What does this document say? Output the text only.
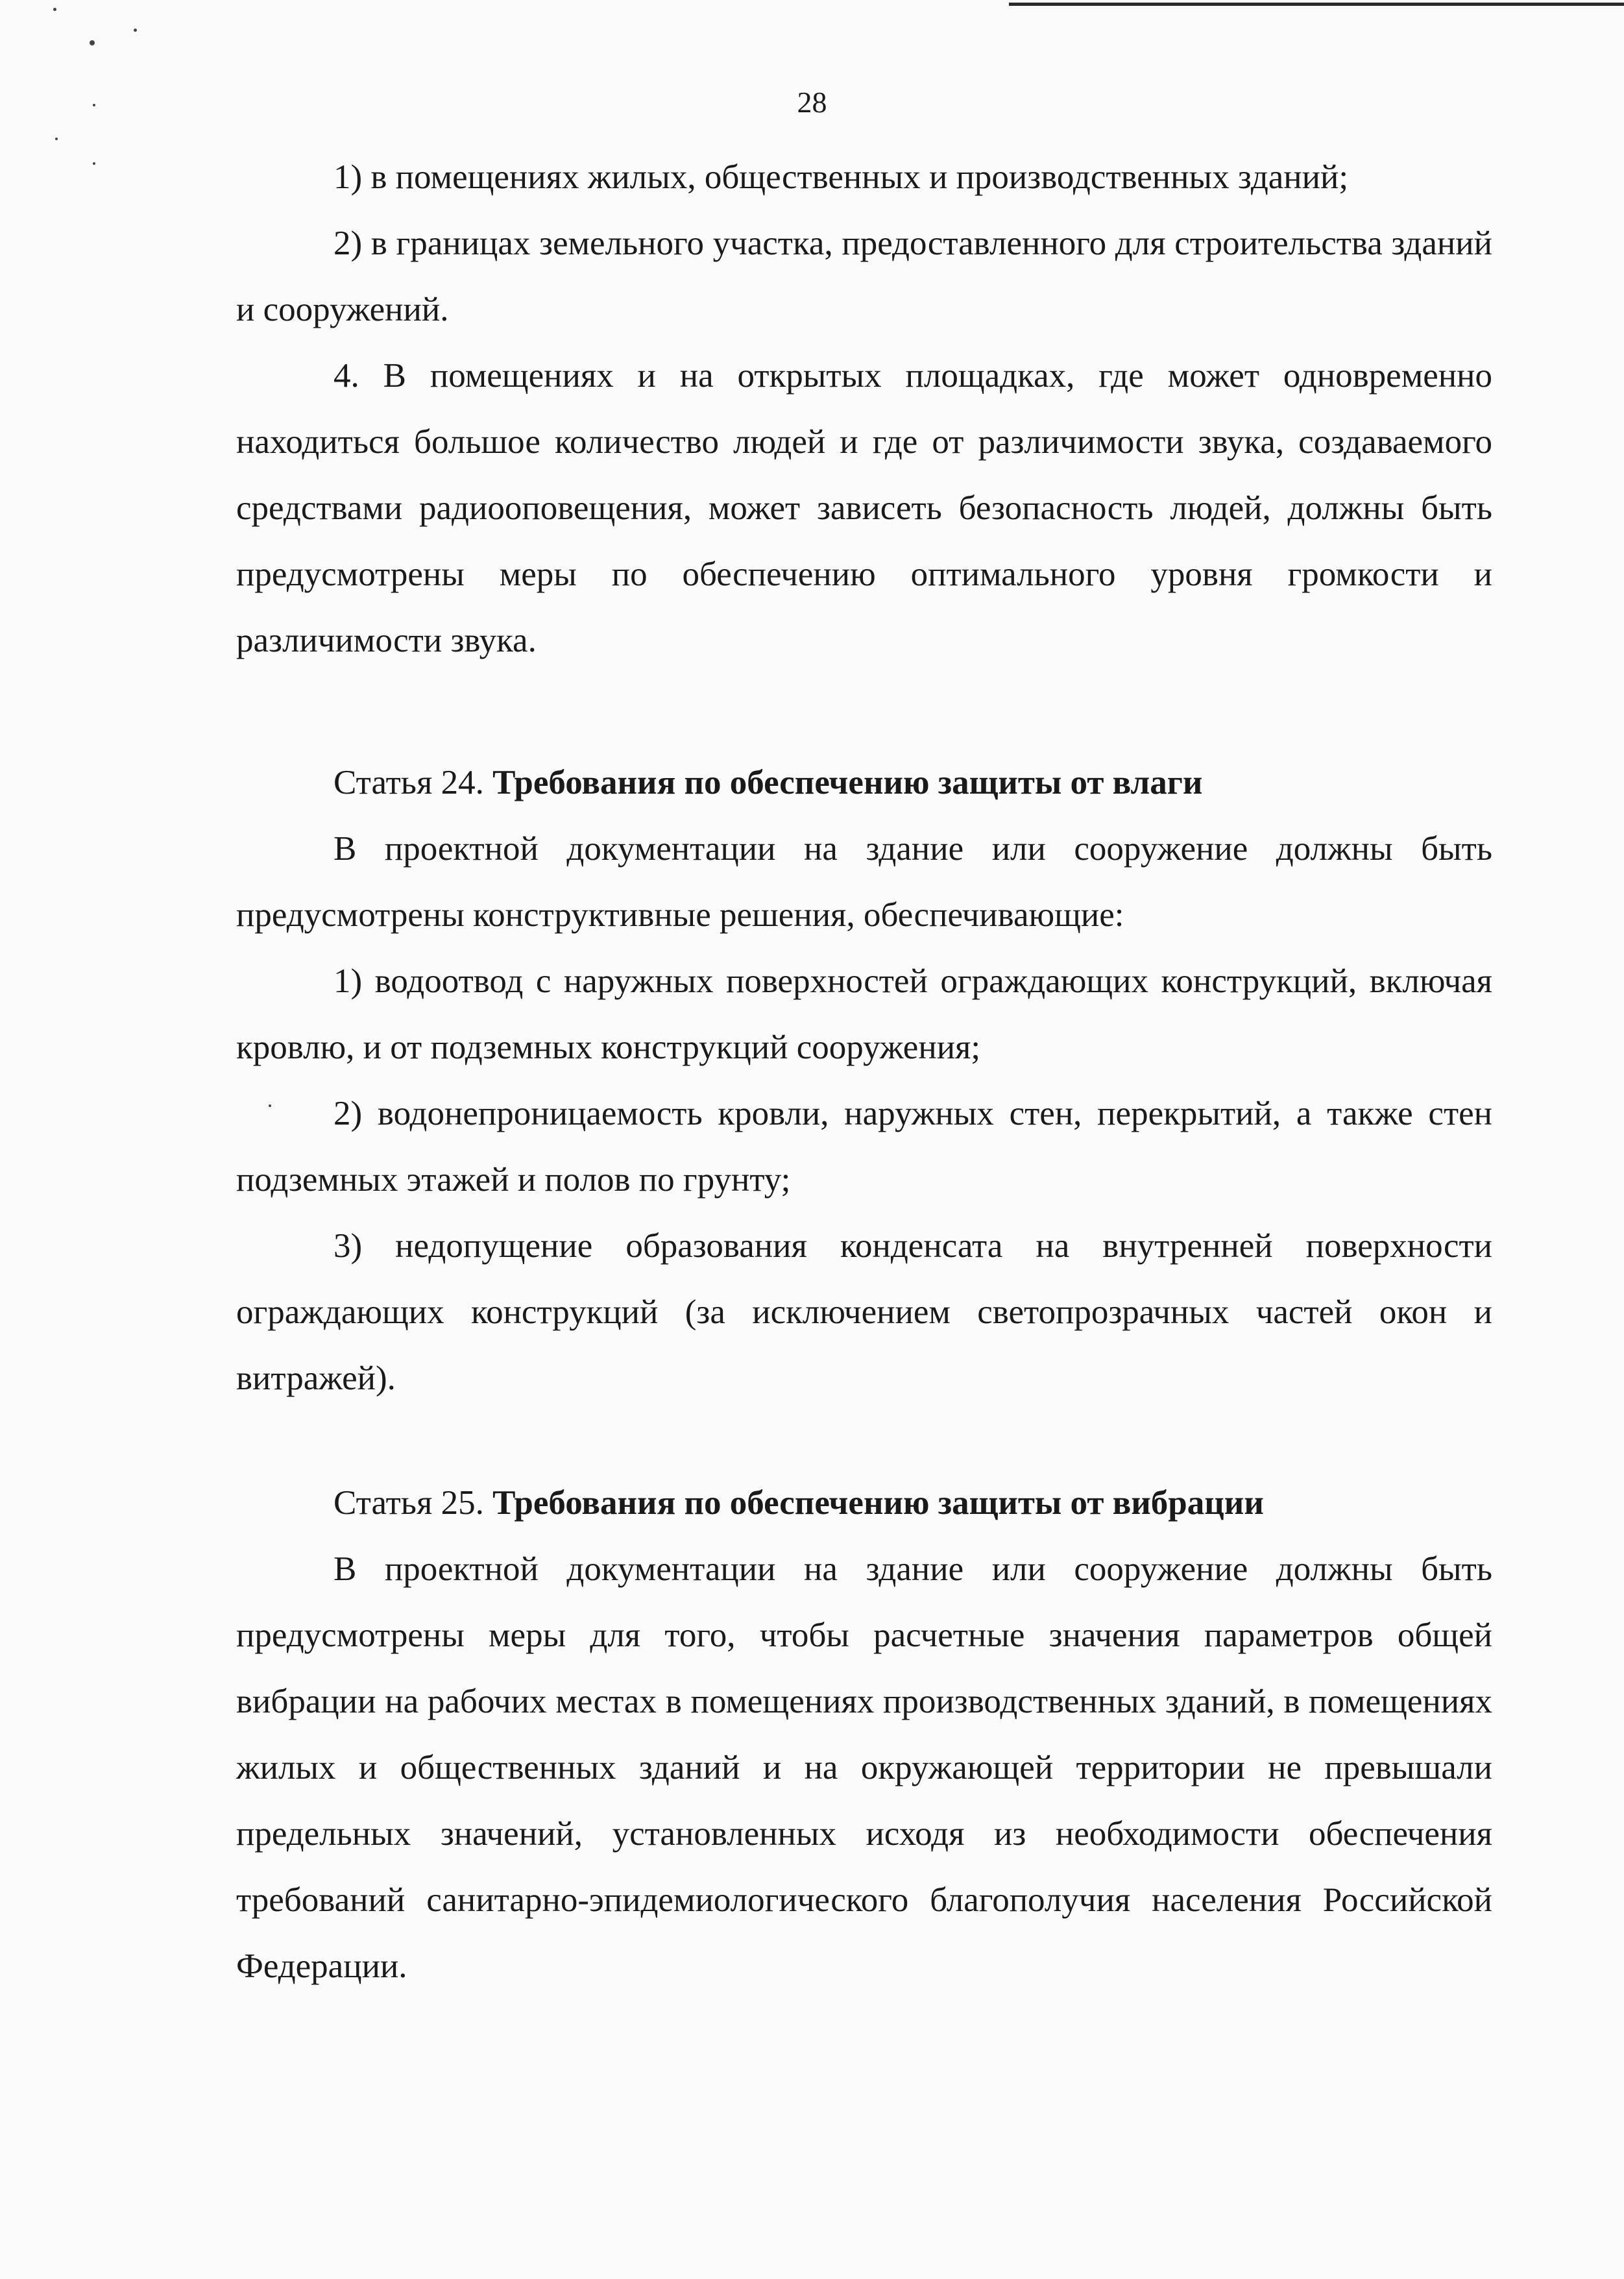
28

1) в помещениях жилых, общественных и производственных зданий;

2) в границах земельного участка, предоставленного для строительства зданий и сооружений.

4. В помещениях и на открытых площадках, где может одновременно находиться большое количество людей и где от различимости звука, создаваемого средствами радиооповещения, может зависеть безопасность людей, должны быть предусмотрены меры по обеспечению оптимального уровня громкости и различимости звука.

Статья 24. Требования по обеспечению защиты от влаги

В проектной документации на здание или сооружение должны быть предусмотрены конструктивные решения, обеспечивающие:

1) водоотвод с наружных поверхностей ограждающих конструкций, включая кровлю, и от подземных конструкций сооружения;

2) водонепроницаемость кровли, наружных стен, перекрытий, а также стен подземных этажей и полов по грунту;

3) недопущение образования конденсата на внутренней поверхности ограждающих конструкций (за исключением светопрозрачных частей окон и витражей).

Статья 25. Требования по обеспечению защиты от вибрации

В проектной документации на здание или сооружение должны быть предусмотрены меры для того, чтобы расчетные значения параметров общей вибрации на рабочих местах в помещениях производственных зданий, в помещениях жилых и общественных зданий и на окружающей территории не превышали предельных значений, установленных исходя из необходимости обеспечения требований санитарно-эпидемиологического благополучия населения Российской Федерации.
